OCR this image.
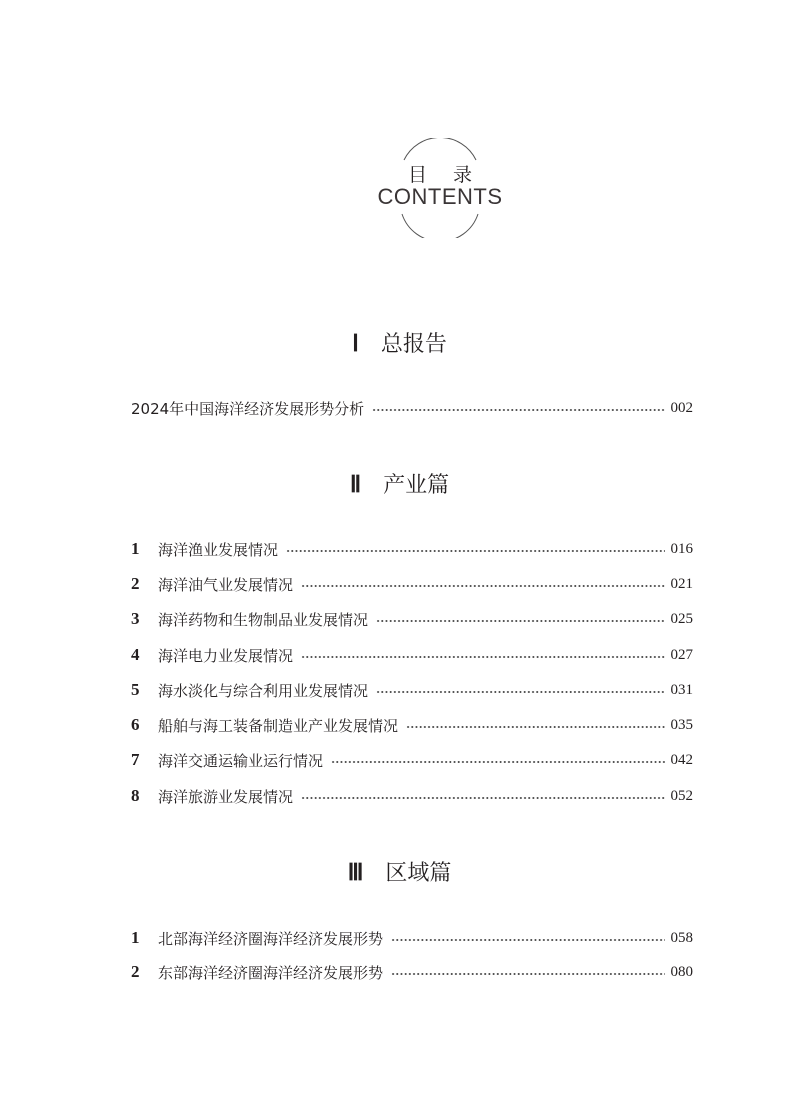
目 录
CONTENTS
Ⅰ 总报告
2024年中国海洋经济发展形势分析	002
Ⅱ 产业篇
1	海洋渔业发展情况	016
2	海洋油气业发展情况	021
3	海洋药物和生物制品业发展情况	025
4	海洋电力业发展情况	027
5	海水淡化与综合利用业发展情况	031
6	船舶与海工装备制造业产业发展情况	035
7	海洋交通运输业运行情况	042
8	海洋旅游业发展情况	052
Ⅲ 区域篇
1	北部海洋经济圈海洋经济发展形势	058
2	东部海洋经济圈海洋经济发展形势	080
